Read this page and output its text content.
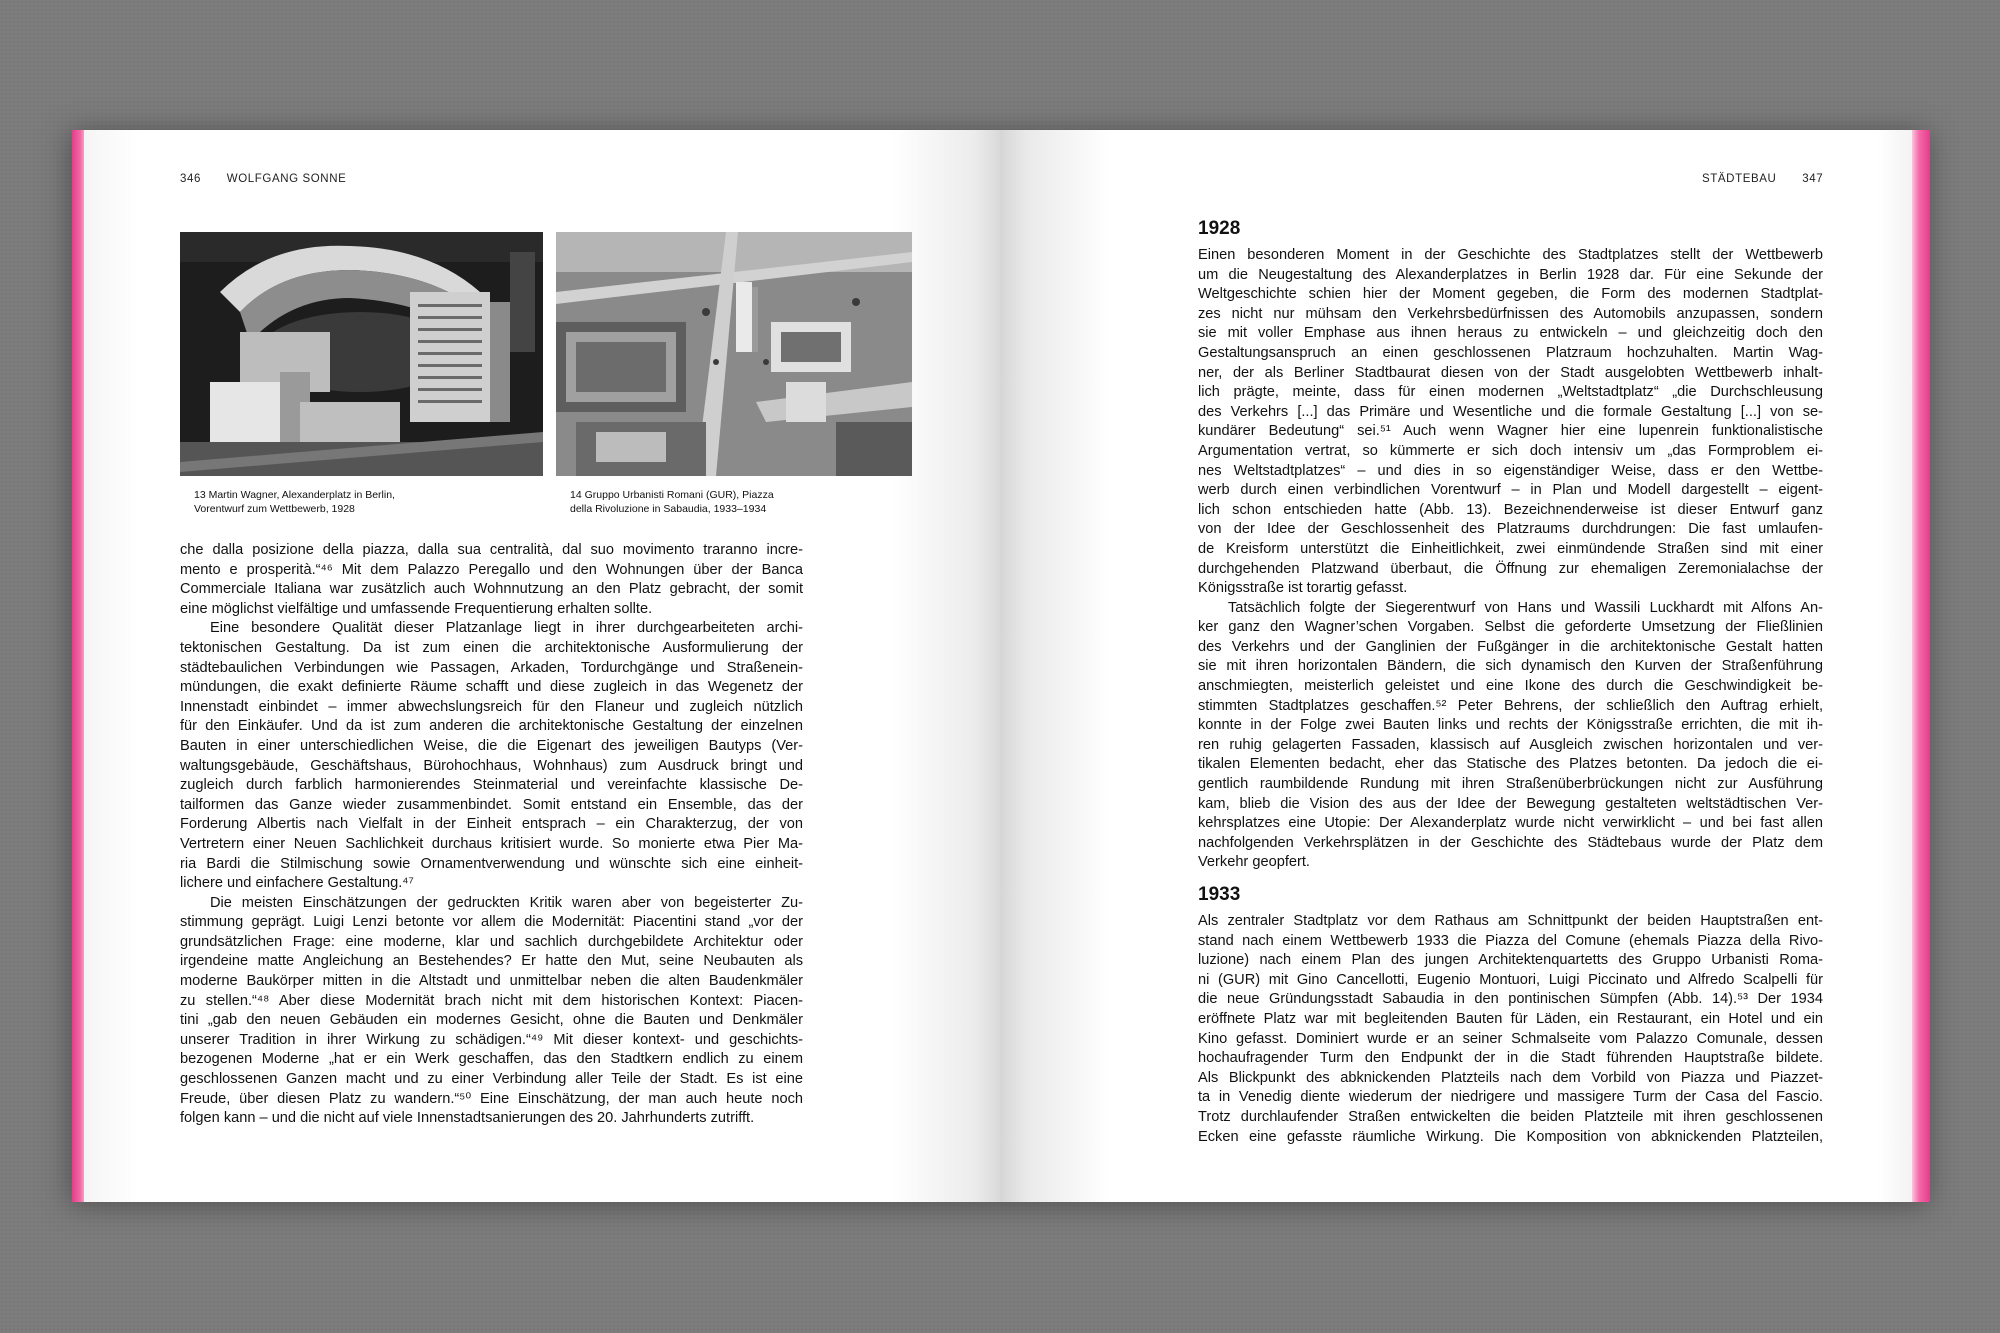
346 WOLFGANG SONNE	STÄDTEBAU 347
13 Martin Wagner, Alexanderplatz in Berlin,
Vorentwurf zum Wettbewerb, 1928
14 Gruppo Urbanisti Romani (GUR), Piazza
della Rivoluzione in Sabaudia, 1933–1934
che dalla posizione della piazza, dalla sua centralità, dal suo movimento traranno incre-
mento e prosperità.“⁴⁶ Mit dem Palazzo Peregallo und den Wohnungen über der Banca
Commerciale Italiana war zusätzlich auch Wohnnutzung an den Platz gebracht, der somit
eine möglichst vielfältige und umfassende Frequentierung erhalten sollte.
Eine besondere Qualität dieser Platzanlage liegt in ihrer durchgearbeiteten archi-
tektonischen Gestaltung. Da ist zum einen die architektonische Ausformulierung der
städtebaulichen Verbindungen wie Passagen, Arkaden, Tordurchgänge und Straßenein-
mündungen, die exakt definierte Räume schafft und diese zugleich in das Wegenetz der
Innenstadt einbindet – immer abwechslungsreich für den Flaneur und zugleich nützlich
für den Einkäufer. Und da ist zum anderen die architektonische Gestaltung der einzelnen
Bauten in einer unterschiedlichen Weise, die die Eigenart des jeweiligen Bautyps (Ver-
waltungsgebäude, Geschäftshaus, Bürohochhaus, Wohnhaus) zum Ausdruck bringt und
zugleich durch farblich harmonierendes Steinmaterial und vereinfachte klassische De-
tailformen das Ganze wieder zusammenbindet. Somit entstand ein Ensemble, das der
Forderung Albertis nach Vielfalt in der Einheit entsprach – ein Charakterzug, der von
Vertretern einer Neuen Sachlichkeit durchaus kritisiert wurde. So monierte etwa Pier Ma-
ria Bardi die Stilmischung sowie Ornamentverwendung und wünschte sich eine einheit-
lichere und einfachere Gestaltung.⁴⁷
Die meisten Einschätzungen der gedruckten Kritik waren aber von begeisterter Zu-
stimmung geprägt. Luigi Lenzi betonte vor allem die Modernität: Piacentini stand „vor der
grundsätzlichen Frage: eine moderne, klar und sachlich durchgebildete Architektur oder
irgendeine matte Angleichung an Bestehendes? Er hatte den Mut, seine Neubauten als
moderne Baukörper mitten in die Altstadt und unmittelbar neben die alten Baudenkmäler
zu stellen.“⁴⁸ Aber diese Modernität brach nicht mit dem historischen Kontext: Piacen-
tini „gab den neuen Gebäuden ein modernes Gesicht, ohne die Bauten und Denkmäler
unserer Tradition in ihrer Wirkung zu schädigen.“⁴⁹ Mit dieser kontext- und geschichts-
bezogenen Moderne „hat er ein Werk geschaffen, das den Stadtkern endlich zu einem
geschlossenen Ganzen macht und zu einer Verbindung aller Teile der Stadt. Es ist eine
Freude, über diesen Platz zu wandern.“⁵⁰ Eine Einschätzung, der man auch heute noch
folgen kann – und die nicht auf viele Innenstadtsanierungen des 20. Jahrhunderts zutrifft.
1928
Einen besonderen Moment in der Geschichte des Stadtplatzes stellt der Wettbewerb
um die Neugestaltung des Alexanderplatzes in Berlin 1928 dar. Für eine Sekunde der
Weltgeschichte schien hier der Moment gegeben, die Form des modernen Stadtplat-
zes nicht nur mühsam den Verkehrsbedürfnissen des Automobils anzupassen, sondern
sie mit voller Emphase aus ihnen heraus zu entwickeln – und gleichzeitig doch den
Gestaltungsanspruch an einen geschlossenen Platzraum hochzuhalten. Martin Wag-
ner, der als Berliner Stadtbaurat diesen von der Stadt ausgelobten Wettbewerb inhalt-
lich prägte, meinte, dass für einen modernen „Weltstadtplatz“ „die Durchschleusung
des Verkehrs [...] das Primäre und Wesentliche und die formale Gestaltung [...] von se-
kundärer Bedeutung“ sei.⁵¹ Auch wenn Wagner hier eine lupenrein funktionalistische
Argumentation vertrat, so kümmerte er sich doch intensiv um „das Formproblem ei-
nes Weltstadtplatzes“ – und dies in so eigenständiger Weise, dass er den Wettbe-
werb durch einen verbindlichen Vorentwurf – in Plan und Modell dargestellt – eigent-
lich schon entschieden hatte (Abb. 13). Bezeichnenderweise ist dieser Entwurf ganz
von der Idee der Geschlossenheit des Platzraums durchdrungen: Die fast umlaufen-
de Kreisform unterstützt die Einheitlichkeit, zwei einmündende Straßen sind mit einer
durchgehenden Platzwand überbaut, die Öffnung zur ehemaligen Zeremonialachse der
Königsstraße ist torartig gefasst.
Tatsächlich folgte der Siegerentwurf von Hans und Wassili Luckhardt mit Alfons An-
ker ganz den Wagner’schen Vorgaben. Selbst die geforderte Umsetzung der Fließlinien
des Verkehrs und der Ganglinien der Fußgänger in die architektonische Gestalt hatten
sie mit ihren horizontalen Bändern, die sich dynamisch den Kurven der Straßenführung
anschmiegten, meisterlich geleistet und eine Ikone des durch die Geschwindigkeit be-
stimmten Stadtplatzes geschaffen.⁵² Peter Behrens, der schließlich den Auftrag erhielt,
konnte in der Folge zwei Bauten links und rechts der Königsstraße errichten, die mit ih-
ren ruhig gelagerten Fassaden, klassisch auf Ausgleich zwischen horizontalen und ver-
tikalen Elementen bedacht, eher das Statische des Platzes betonten. Da jedoch die ei-
gentlich raumbildende Rundung mit ihren Straßenüberbrückungen nicht zur Ausführung
kam, blieb die Vision des aus der Idee der Bewegung gestalteten weltstädtischen Ver-
kehrsplatzes eine Utopie: Der Alexanderplatz wurde nicht verwirklicht – und bei fast allen
nachfolgenden Verkehrsplätzen in der Geschichte des Städtebaus wurde der Platz dem
Verkehr geopfert.
1933
Als zentraler Stadtplatz vor dem Rathaus am Schnittpunkt der beiden Hauptstraßen ent-
stand nach einem Wettbewerb 1933 die Piazza del Comune (ehemals Piazza della Rivo-
luzione) nach einem Plan des jungen Architektenquartetts des Gruppo Urbanisti Roma-
ni (GUR) mit Gino Cancellotti, Eugenio Montuori, Luigi Piccinato und Alfredo Scalpelli für
die neue Gründungsstadt Sabaudia in den pontinischen Sümpfen (Abb. 14).⁵³ Der 1934
eröffnete Platz war mit begleitenden Bauten für Läden, ein Restaurant, ein Hotel und ein
Kino gefasst. Dominiert wurde er an seiner Schmalseite vom Palazzo Comunale, dessen
hochaufragender Turm den Endpunkt der in die Stadt führenden Hauptstraße bildete.
Als Blickpunkt des abknickenden Platzteils nach dem Vorbild von Piazza und Piazzet-
ta in Venedig diente wiederum der niedrigere und massigere Turm der Casa del Fascio.
Trotz durchlaufender Straßen entwickelten die beiden Platzteile mit ihren geschlossenen
Ecken eine gefasste räumliche Wirkung. Die Komposition von abknickenden Platzteilen,
